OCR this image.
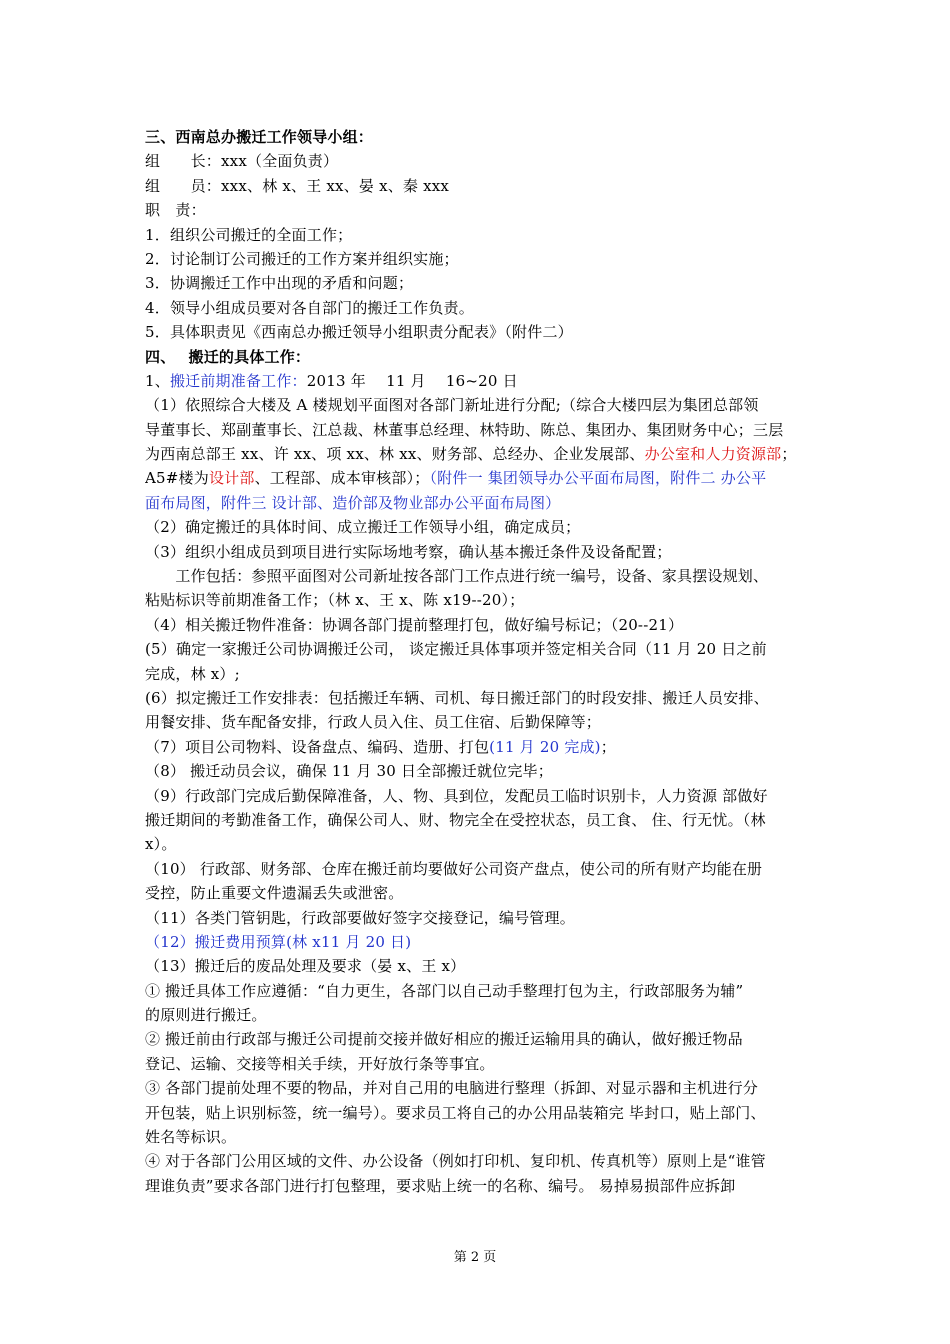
三、西南总办搬迁工作领导小组：
组　　长：xxx（全面负责）
组　　员：xxx、林 x、王 xx、晏 x、秦 xxx
职　责：
1．组织公司搬迁的全面工作；
2．讨论制订公司搬迁的工作方案并组织实施；
3．协调搬迁工作中出现的矛盾和问题；
4．领导小组成员要对各自部门的搬迁工作负责。
5．具体职责见《西南总办搬迁领导小组职责分配表》（附件二）
四、　 搬迁的具体工作：
1、搬迁前期准备工作：2013 年　 11 月　 16~20 日
（1）依照综合大楼及 A 楼规划平面图对各部门新址进行分配;（综合大楼四层为集团总部领
导董事长、郑副董事长、江总裁、林董事总经理、林特助、陈总、集团办、集团财务中心；三层
为西南总部王 xx、许 xx、项 xx、林 xx、财务部、总经办、企业发展部、办公室和人力资源部；
A5#楼为设计部、工程部、成本审核部）；（附件一 集团领导办公平面布局图，附件二 办公平
面布局图，附件三 设计部、造价部及物业部办公平面布局图）
（2）确定搬迁的具体时间、成立搬迁工作领导小组，确定成员；
（3）组织小组成员到项目进行实际场地考察，确认基本搬迁条件及设备配置；
　　工作包括：参照平面图对公司新址按各部门工作点进行统一编号，设备、家具摆设规划、
粘贴标识等前期准备工作；（林 x、王 x、陈 x19--20）；
（4）相关搬迁物件准备：协调各部门提前整理打包，做好编号标记；（20--21）
(5）确定一家搬迁公司协调搬迁公司， 谈定搬迁具体事项并签定相关合同（11 月 20 日之前
完成，林 x）;
(6）拟定搬迁工作安排表：包括搬迁车辆、司机、每日搬迁部门的时段安排、搬迁人员安排、
用餐安排、货车配备安排，行政人员入住、员工住宿、后勤保障等；
（7）项目公司物料、设备盘点、编码、造册、打包(11 月 20 完成)；
（8） 搬迁动员会议，确保 11 月 30 日全部搬迁就位完毕；
（9）行政部门完成后勤保障准备，人、物、具到位，发配员工临时识别卡，人力资源 部做好
搬迁期间的考勤准备工作，确保公司人、财、物完全在受控状态，员工食、 住、行无忧。（林
x）。
（10） 行政部、财务部、仓库在搬迁前均要做好公司资产盘点，使公司的所有财产均能在册
受控，防止重要文件遗漏丢失或泄密。
（11）各类门管钥匙，行政部要做好签字交接登记，编号管理。
（12）搬迁费用预算(林 x11 月 20 日)
（13）搬迁后的废品处理及要求（晏 x、王 x）
① 搬迁具体工作应遵循：“自力更生，各部门以自己动手整理打包为主，行政部服务为辅”
的原则进行搬迁。
② 搬迁前由行政部与搬迁公司提前交接并做好相应的搬迁运输用具的确认，做好搬迁物品
登记、运输、交接等相关手续，开好放行条等事宜。
③ 各部门提前处理不要的物品，并对自己用的电脑进行整理（拆卸、对显示器和主机进行分
开包装，贴上识别标签，统一编号）。要求员工将自己的办公用品装箱完 毕封口，贴上部门、
姓名等标识。
④ 对于各部门公用区域的文件、办公设备（例如打印机、复印机、传真机等）原则上是“谁管
理谁负责”要求各部门进行打包整理，要求贴上统一的名称、编号。 易掉易损部件应拆卸
第 2 页
